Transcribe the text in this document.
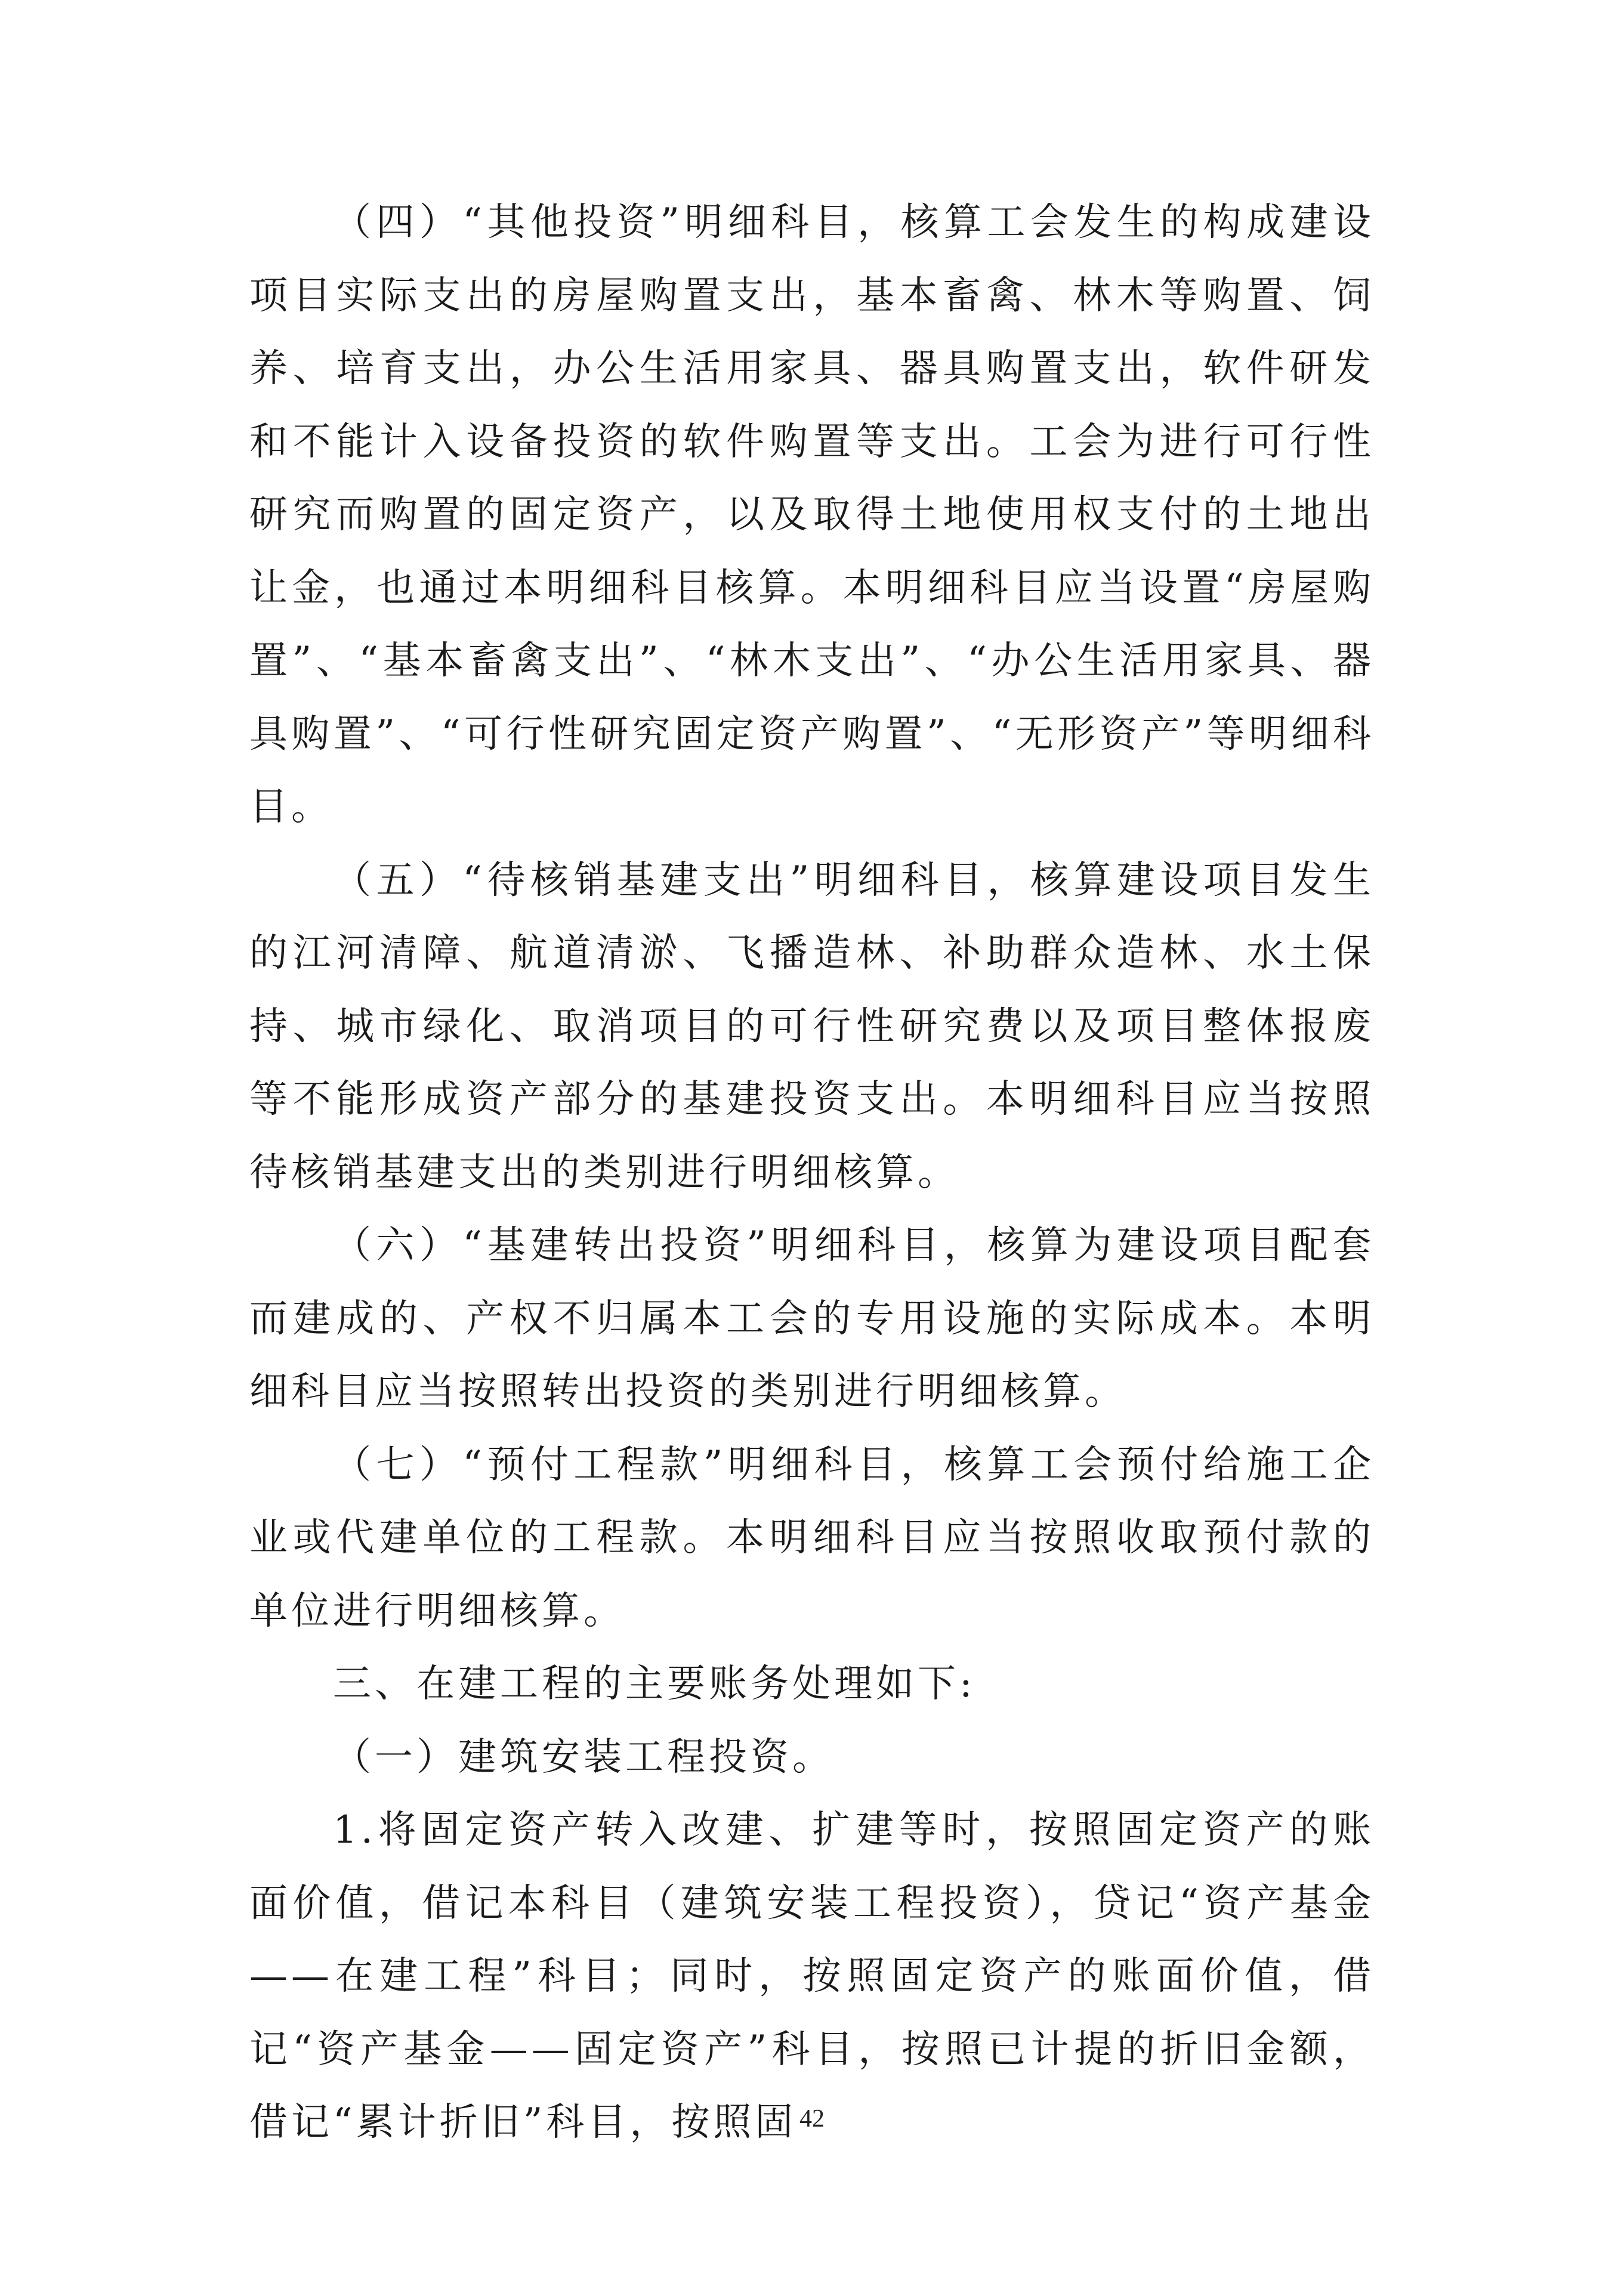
（四）“其他投资”明细科目，核算工会发生的构成建设项目实际支出的房屋购置支出，基本畜禽、林木等购置、饲养、培育支出，办公生活用家具、器具购置支出，软件研发和不能计入设备投资的软件购置等支出。工会为进行可行性研究而购置的固定资产，以及取得土地使用权支付的土地出让金，也通过本明细科目核算。本明细科目应当设置“房屋购置”、“基本畜禽支出”、“林木支出”、“办公生活用家具、器具购置”、“可行性研究固定资产购置”、“无形资产”等明细科目。

（五）“待核销基建支出”明细科目，核算建设项目发生的江河清障、航道清淤、飞播造林、补助群众造林、水土保持、城市绿化、取消项目的可行性研究费以及项目整体报废等不能形成资产部分的基建投资支出。本明细科目应当按照待核销基建支出的类别进行明细核算。

（六）“基建转出投资”明细科目，核算为建设项目配套而建成的、产权不归属本工会的专用设施的实际成本。本明细科目应当按照转出投资的类别进行明细核算。

（七）“预付工程款”明细科目，核算工会预付给施工企业或代建单位的工程款。本明细科目应当按照收取预付款的单位进行明细核算。

三、在建工程的主要账务处理如下:

（一）建筑安装工程投资。

1.将固定资产转入改建、扩建等时，按照固定资产的账面价值，借记本科目（建筑安装工程投资），贷记“资产基金——在建工程”科目；同时，按照固定资产的账面价值，借记“资产基金——固定资产”科目，按照已计提的折旧金额，借记“累计折旧”科目，按照固 42
